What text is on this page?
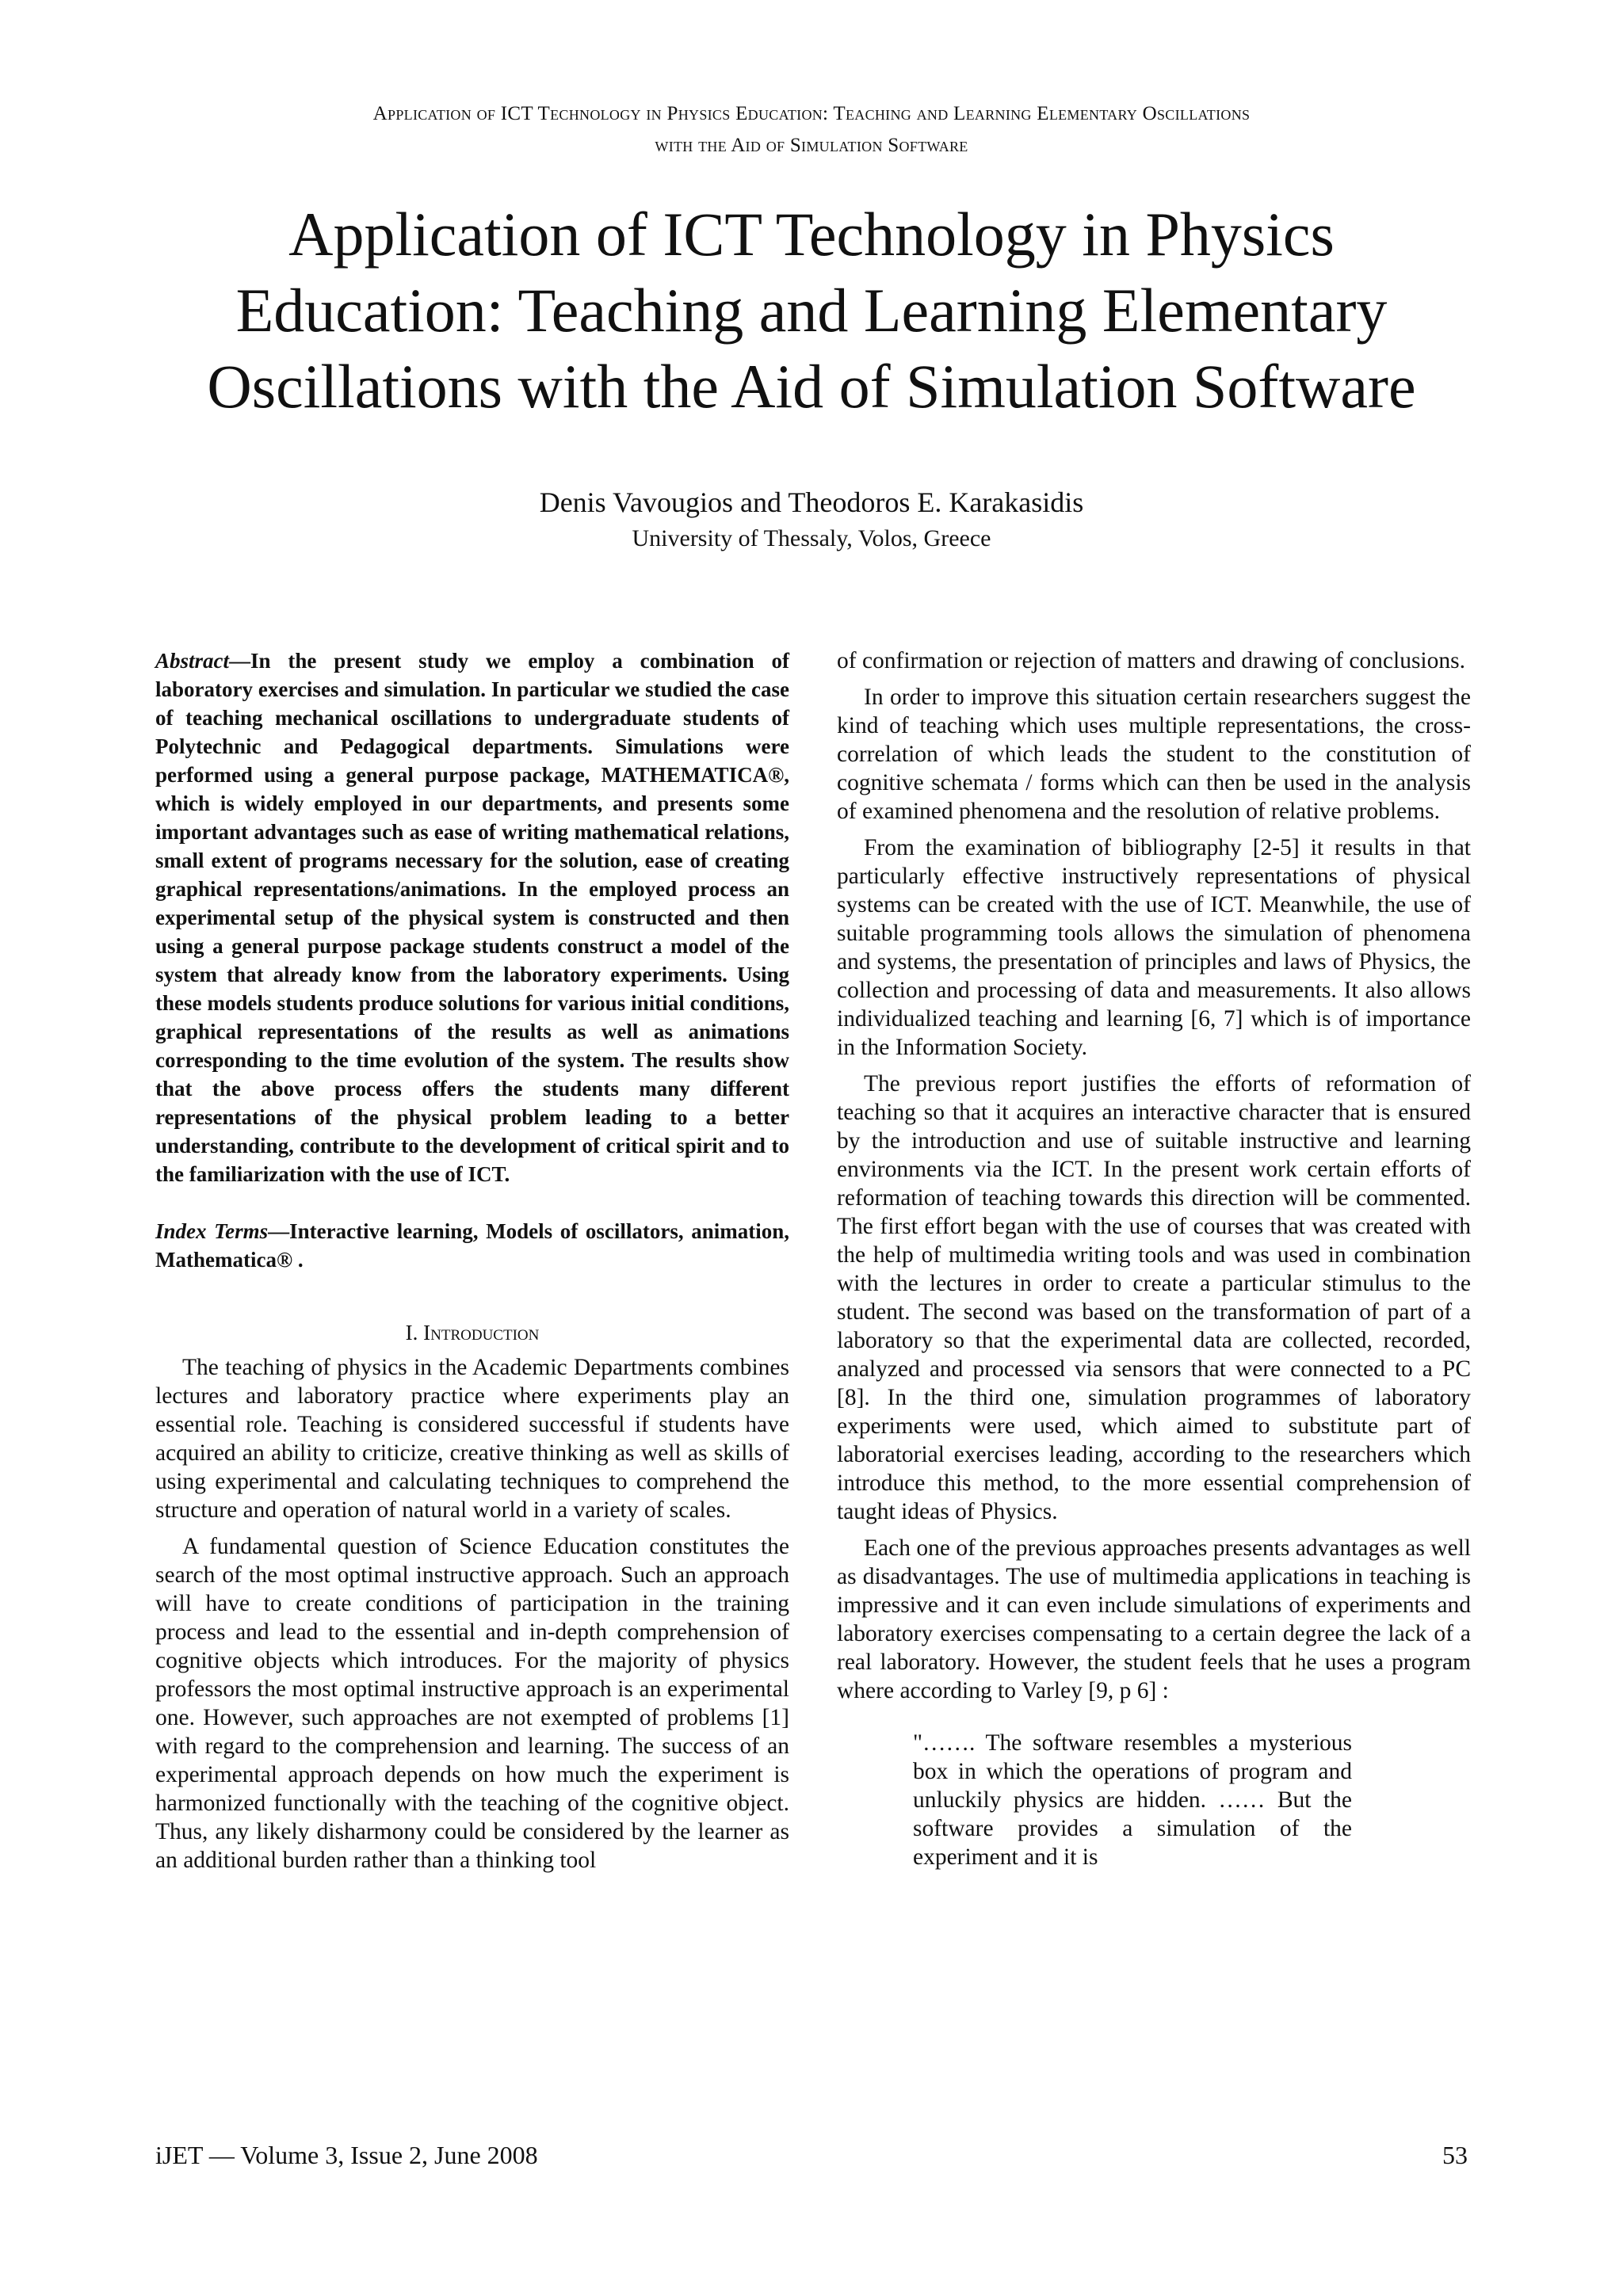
Application of ICT Technology in Physics Education: Teaching and Learning Elementary Oscillations
with the Aid of Simulation Software
Application of ICT Technology in Physics
Education: Teaching and Learning Elementary
Oscillations with the Aid of Simulation Software
Denis Vavougios and Theodoros E. Karakasidis
University of Thessaly, Volos, Greece

Abstract—In the present study we employ a combination of laboratory exercises and simulation. In particular we studied the case of teaching mechanical oscillations to undergraduate students of Polytechnic and Pedagogical departments. Simulations were performed using a general purpose package, MATHEMATICA®, which is widely employed in our departments, and presents some important advantages such as ease of writing mathematical relations, small extent of programs necessary for the solution, ease of creating graphical representations/animations. In the employed process an experimental setup of the physical system is constructed and then using a general purpose package students construct a model of the system that already know from the laboratory experiments. Using these models students produce solutions for various initial conditions, graphical representations of the results as well as animations corresponding to the time evolution of the system. The results show that the above process offers the students many different representations of the physical problem leading to a better understanding, contribute to the development of critical spirit and to the familiarization with the use of ICT.

Index Terms—Interactive learning, Models of oscillators, animation, Mathematica® .

I. Introduction

The teaching of physics in the Academic Departments combines lectures and laboratory practice where experiments play an essential role. Teaching is considered successful if students have acquired an ability to criticize, creative thinking as well as skills of using experimental and calculating techniques to comprehend the structure and operation of natural world in a variety of scales.

A fundamental question of Science Education constitutes the search of the most optimal instructive approach. Such an approach will have to create conditions of participation in the training process and lead to the essential and in-depth comprehension of cognitive objects which introduces. For the majority of physics professors the most optimal instructive approach is an experimental one. However, such approaches are not exempted of problems [1] with regard to the comprehension and learning. The success of an experimental approach depends on how much the experiment is harmonized functionally with the teaching of the cognitive object. Thus, any likely disharmony could be considered by the learner as an additional burden rather than a thinking tool

of confirmation or rejection of matters and drawing of conclusions.

In order to improve this situation certain researchers suggest the kind of teaching which uses multiple representations, the cross-correlation of which leads the student to the constitution of cognitive schemata / forms which can then be used in the analysis of examined phenomena and the resolution of relative problems.

From the examination of bibliography [2-5] it results in that particularly effective instructively representations of physical systems can be created with the use of ICT. Meanwhile, the use of suitable programming tools allows the simulation of phenomena and systems, the presentation of principles and laws of Physics, the collection and processing of data and measurements. It also allows individualized teaching and learning [6, 7] which is of importance in the Information Society.

The previous report justifies the efforts of reformation of teaching so that it acquires an interactive character that is ensured by the introduction and use of suitable instructive and learning environments via the ICT. In the present work certain efforts of reformation of teaching towards this direction will be commented. The first effort began with the use of courses that was created with the help of multimedia writing tools and was used in combination with the lectures in order to create a particular stimulus to the student. The second was based on the transformation of part of a laboratory so that the experimental data are collected, recorded, analyzed and processed via sensors that were connected to a PC [8]. In the third one, simulation programmes of laboratory experiments were used, which aimed to substitute part of laboratorial exercises leading, according to the researchers which introduce this method, to the more essential comprehension of taught ideas of Physics.

Each one of the previous approaches presents advantages as well as disadvantages. The use of multimedia applications in teaching is impressive and it can even include simulations of experiments and laboratory exercises compensating to a certain degree the lack of a real laboratory. However, the student feels that he uses a program where according to Varley [9, p 6] :

"……. The software resembles a mysterious box in which the operations of program and unluckily physics are hidden. …… But the software provides a simulation of the experiment and it is

iJET — Volume 3, Issue 2, June 2008	53
